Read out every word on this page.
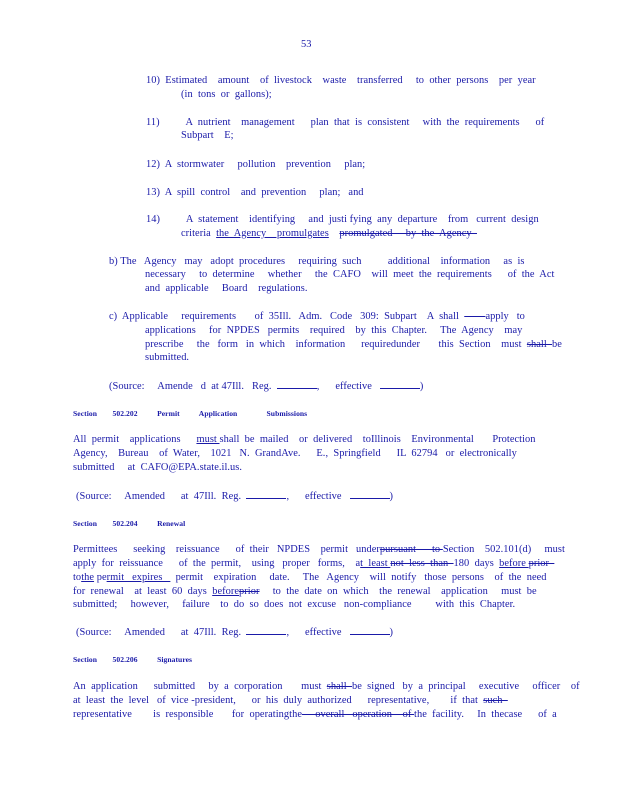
53
10)  Estimated    amount    of  livestock    waste    transferred     to  other  persons    per  year
(in  tons  or  gallons);
11)          A  nutrient    management      plan  that  is  consistent     with  the  requirements      of
Subpart    E;
12)  A  stormwater     pollution    prevention     plan;
13)  A  spill  control    and  prevention     plan;   and
14)          A  statement    identifying     and  justi fying  any  departure    from   current  design
criteria  the  Agency    promulgates promulgated     by  the  Agency
b) The   Agency   may   adopt  procedures     requiring  such          additional    information     as  is
necessary     to  determine     whether     the  CAFO    will  meet  the  requirements      of  the  Act
and  applicable     Board    regulations.
c)  Applicable     requirements       of  35Ill.   Adm.   Code   309:  Subpart    A  shall          apply   to
applications     for  NPDES   permits    required    by  this  Chapter.     The  Agency    may
prescribe     the   form   in  which    information      requiredunder       this  Section    must  shall  be
submitted.
(Source:     Amende   d  at 47Ill.   Reg.	,      effective	)
Section        502.202	Permit          Application               Submissions
All  permit    applications      must shall  be  mailed    or  delivered    toIllinois    Environmental       Protection
Agency,    Bureau    of  Water,    1021   N.  GrandAve.      E.,  Springfield      IL  62794   or  electronically
submitted     at  CAFO@EPA.state.il.us.
(Source:     Amended      at  47Ill.  Reg.	,      effective	)
Section        502.204	Renewal
Permittees      seeking    reissuance      of  their   NPDES    permit   underpursuant      to Section    502.101(d)     must
apply  for  reissuance      of  the  permit,    using   proper   forms,    at  least not  less  than  180  days  before prior
tothe permit   expires     permit    expiration     date.     The   Agency    will  notify   those  persons    of  the  need
for  renewal    at  least  60  days  beforeprior     to  the  date  on  which    the  renewal    application     must  be
submitted;     however,     failure    to  do  so  does  not  excuse   non-compliance         with  this  Chapter.
(Source:     Amended      at  47Ill.  Reg.	,      effective	)
Section        502.206	Signatures
An  application      submitted     by  a  corporation       must  shall  be  signed   by  a  principal     executive     officer    of
at  least  the  level   of  vice -president,      or  his  duly  authorized      representative,        if  that  such
representative        is  responsible       for  operatingthe     overall   operation    of the  facility.     In  thecase      of  a
